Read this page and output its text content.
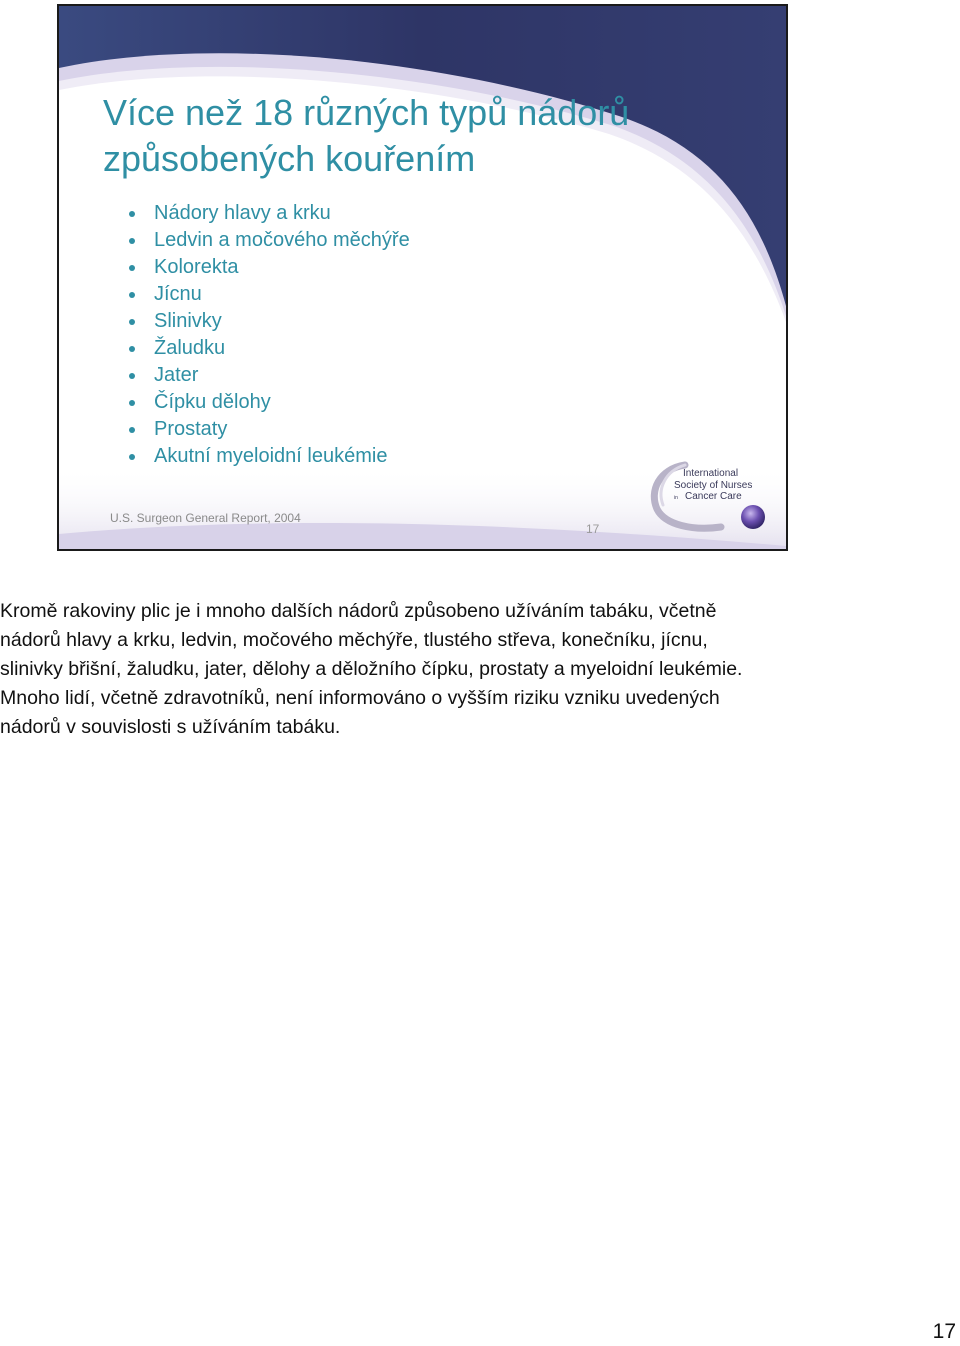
Více než 18 různých typů nádorů způsobených kouřením
Nádory hlavy a krku
Ledvin a močového měchýře
Kolorekta
Jícnu
Slinivky
Žaludku
Jater
Čípku dělohy
Prostaty
Akutní myeloidní leukémie
U.S. Surgeon General Report, 2004
17
International
Society of Nurses
in Cancer Care
Kromě rakoviny plic je i mnoho dalších nádorů způsobeno užíváním tabáku, včetně
nádorů hlavy a krku, ledvin, močového měchýře, tlustého střeva, konečníku, jícnu,
slinivky břišní, žaludku, jater, dělohy a děložního čípku, prostaty a myeloidní leukémie.
Mnoho lidí, včetně zdravotníků, není informováno o vyšším riziku vzniku uvedených
nádorů v souvislosti s užíváním tabáku.
17
